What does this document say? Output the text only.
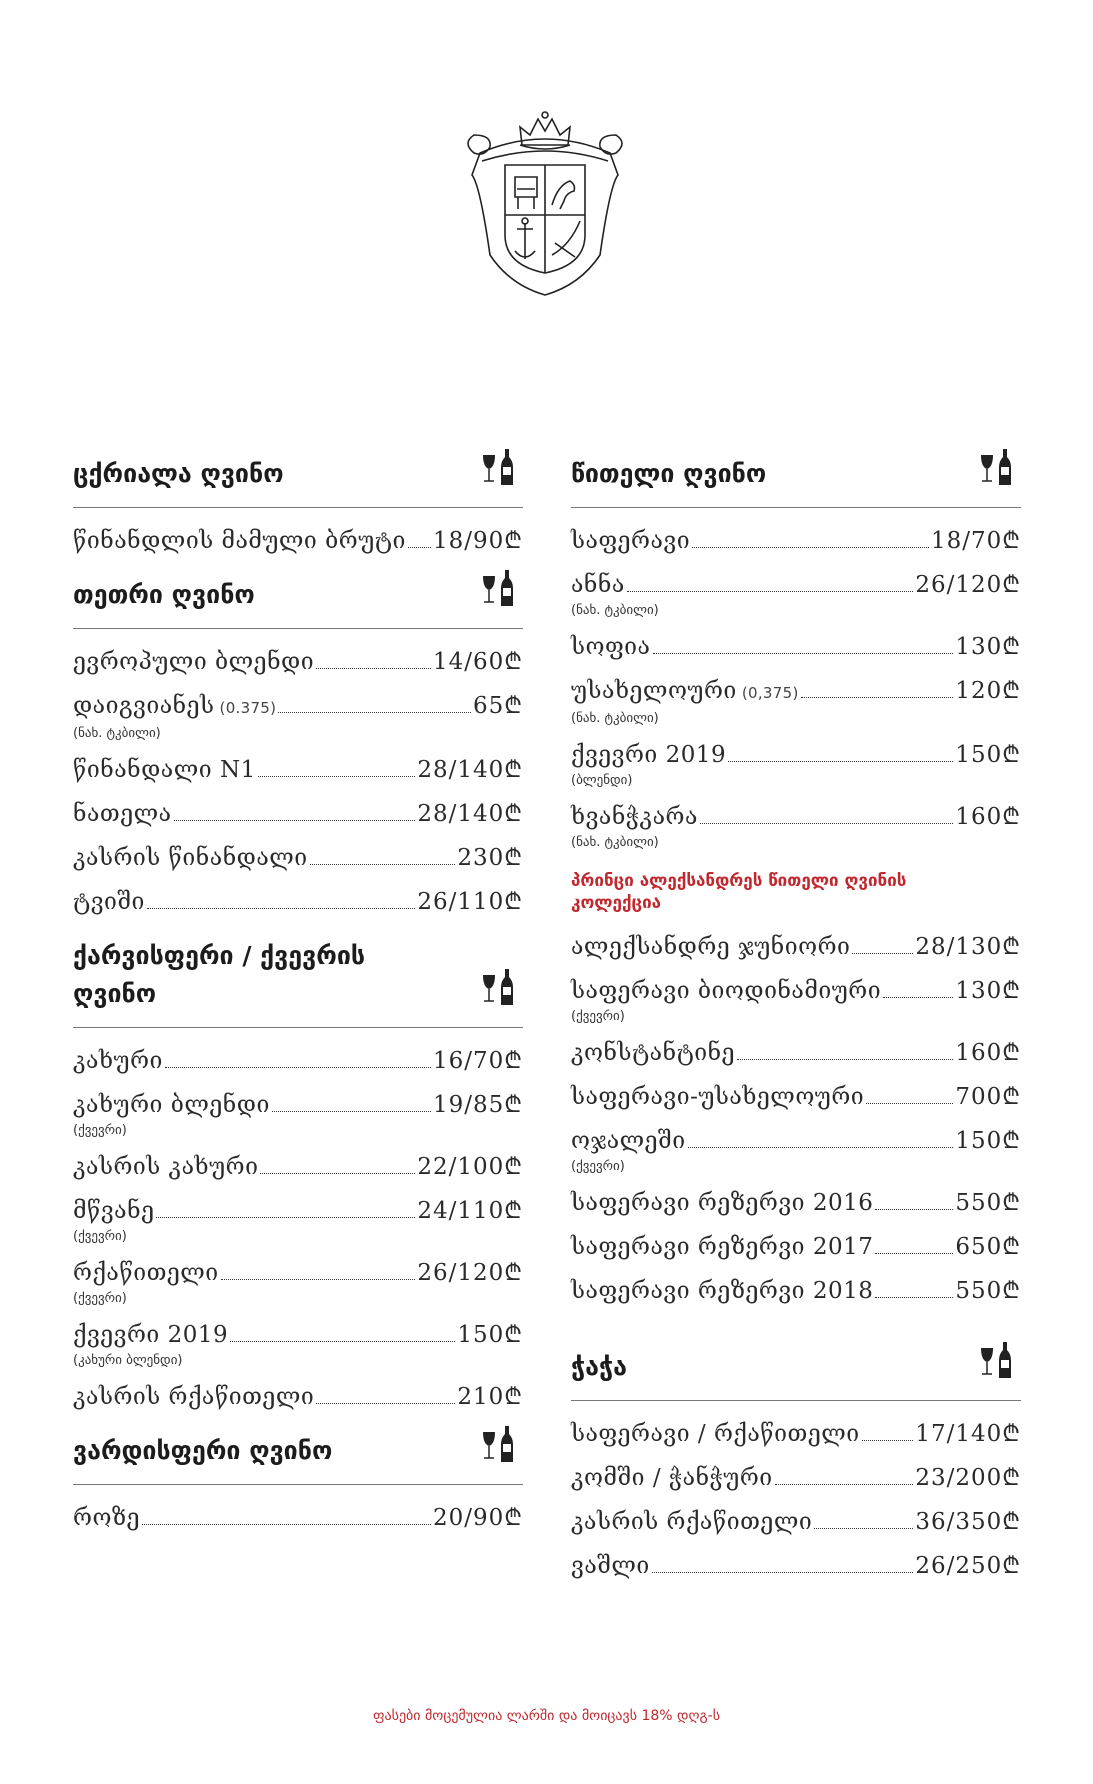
ცქრიალა ღვინო
წინანდლის მამული ბრუტი 18/90₾
თეთრი ღვინო
ევროპული ბლენდი	14/60₾
დაიგვიანეს (0.375)	65₾
(ნახ. ტკბილი)
წინანდალი N1	28/140₾
ნათელა	28/140₾
კასრის წინანდალი	230₾
ტვიში	26/110₾
ქარვისფერი / ქვევრის ღვინო
კახური	16/70₾
კახური ბლენდი	19/85₾
(ქვევრი)
კასრის კახური	22/100₾
მწვანე	24/110₾
(ქვევრი)
რქაწითელი	26/120₾
(ქვევრი)
ქვევრი 2019	150₾
(კახური ბლენდი)
კასრის რქაწითელი	210₾
ვარდისფერი ღვინო
როზე	20/90₾
წითელი ღვინო
საფერავი	18/70₾
ანნა	26/120₾
(ნახ. ტკბილი)
სოფია	130₾
უსახელოური (0,375)	120₾
(ნახ. ტკბილი)
ქვევრი 2019	150₾
(ბლენდი)
ხვანჭკარა	160₾
(ნახ. ტკბილი)
პრინცი ალექსანდრეს წითელი ღვინის კოლექცია
ალექსანდრე ჯუნიორი	28/130₾
საფერავი ბიოდინამიური	130₾
(ქვევრი)
კონსტანტინე	160₾
საფერავი-უსახელოური	700₾
ოჯალეში	150₾
(ქვევრი)
საფერავი რეზერვი 2016	550₾
საფერავი რეზერვი 2017	650₾
საფერავი რეზერვი 2018	550₾
ჭაჭა
საფერავი / რქაწითელი 17/140₾
კომში / ჭანჭური	23/200₾
კასრის რქაწითელი	36/350₾
ვაშლი	26/250₾
ფასები მოცემულია ლარში და მოიცავს 18% დღგ-ს
